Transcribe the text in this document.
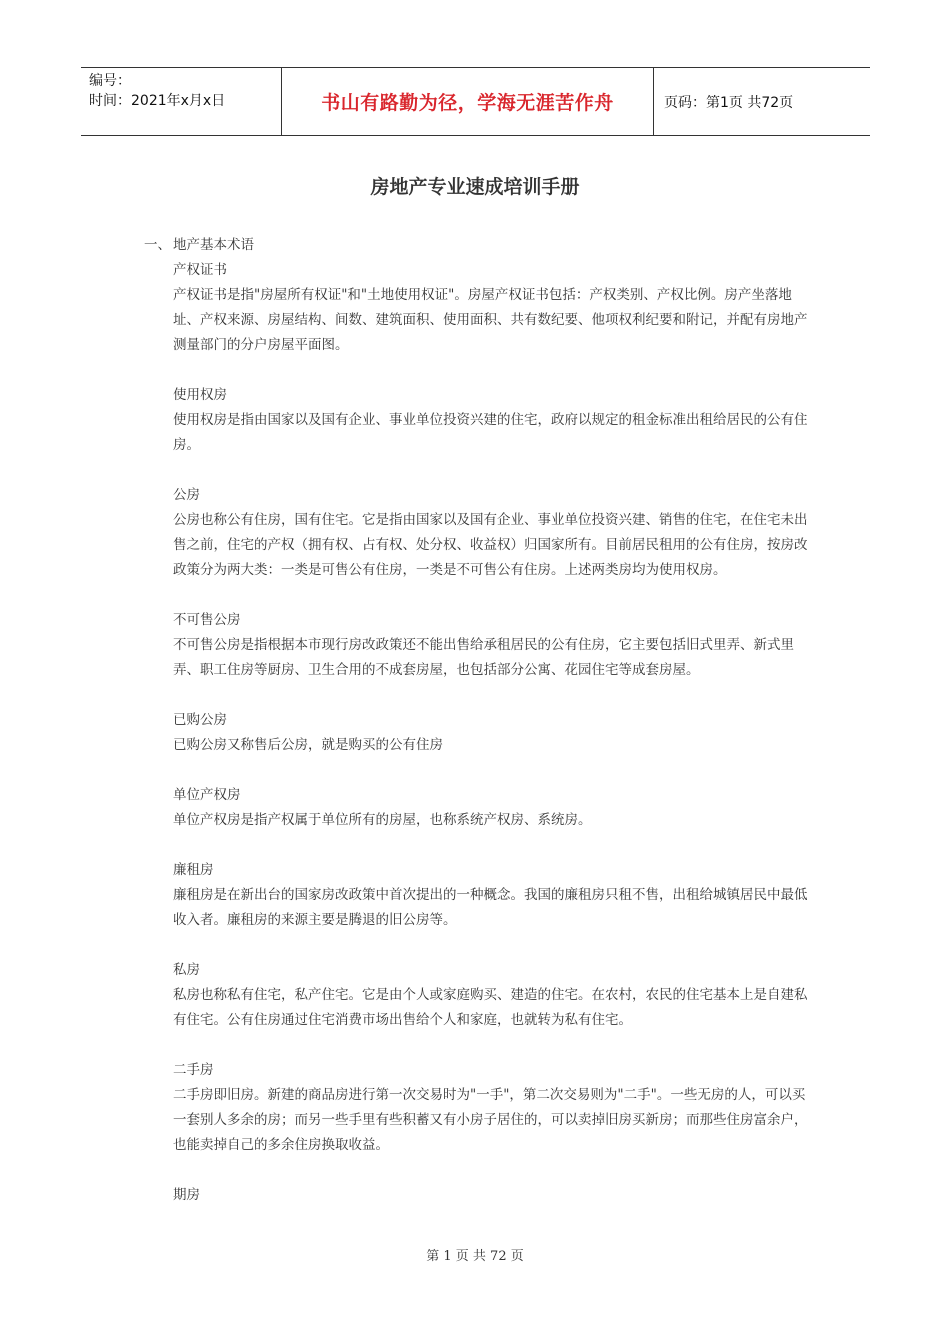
编号：
时间：2021年x月x日	书山有路勤为径，学海无涯苦作舟	页码：第1页 共72页
房地产专业速成培训手册
一、 地产基本术语

产权证书

产权证书是指"房屋所有权证"和"土地使用权证"。房屋产权证书包括：产权类别、产权比例。房产坐落地址、产权来源、房屋结构、间数、建筑面积、使用面积、共有数纪要、他项权利纪要和附记，并配有房地产测量部门的分户房屋平面图。

使用权房

使用权房是指由国家以及国有企业、事业单位投资兴建的住宅，政府以规定的租金标准出租给居民的公有住房。

公房

公房也称公有住房，国有住宅。它是指由国家以及国有企业、事业单位投资兴建、销售的住宅，在住宅未出售之前，住宅的产权（拥有权、占有权、处分权、收益权）归国家所有。目前居民租用的公有住房，按房改政策分为两大类：一类是可售公有住房，一类是不可售公有住房。上述两类房均为使用权房。

不可售公房

不可售公房是指根据本市现行房改政策还不能出售给承租居民的公有住房，它主要包括旧式里弄、新式里弄、职工住房等厨房、卫生合用的不成套房屋，也包括部分公寓、花园住宅等成套房屋。

已购公房

已购公房又称售后公房，就是购买的公有住房

单位产权房

单位产权房是指产权属于单位所有的房屋，也称系统产权房、系统房。

廉租房

廉租房是在新出台的国家房改政策中首次提出的一种概念。我国的廉租房只租不售，出租给城镇居民中最低收入者。廉租房的来源主要是腾退的旧公房等。

私房

私房也称私有住宅，私产住宅。它是由个人或家庭购买、建造的住宅。在农村，农民的住宅基本上是自建私有住宅。公有住房通过住宅消费市场出售给个人和家庭，也就转为私有住宅。

二手房

二手房即旧房。新建的商品房进行第一次交易时为"一手"，第二次交易则为"二手"。一些无房的人，可以买一套别人多余的房；而另一些手里有些积蓄又有小房子居住的，可以卖掉旧房买新房；而那些住房富余户，也能卖掉自己的多余住房换取收益。

期房

第 1 页 共 72 页
